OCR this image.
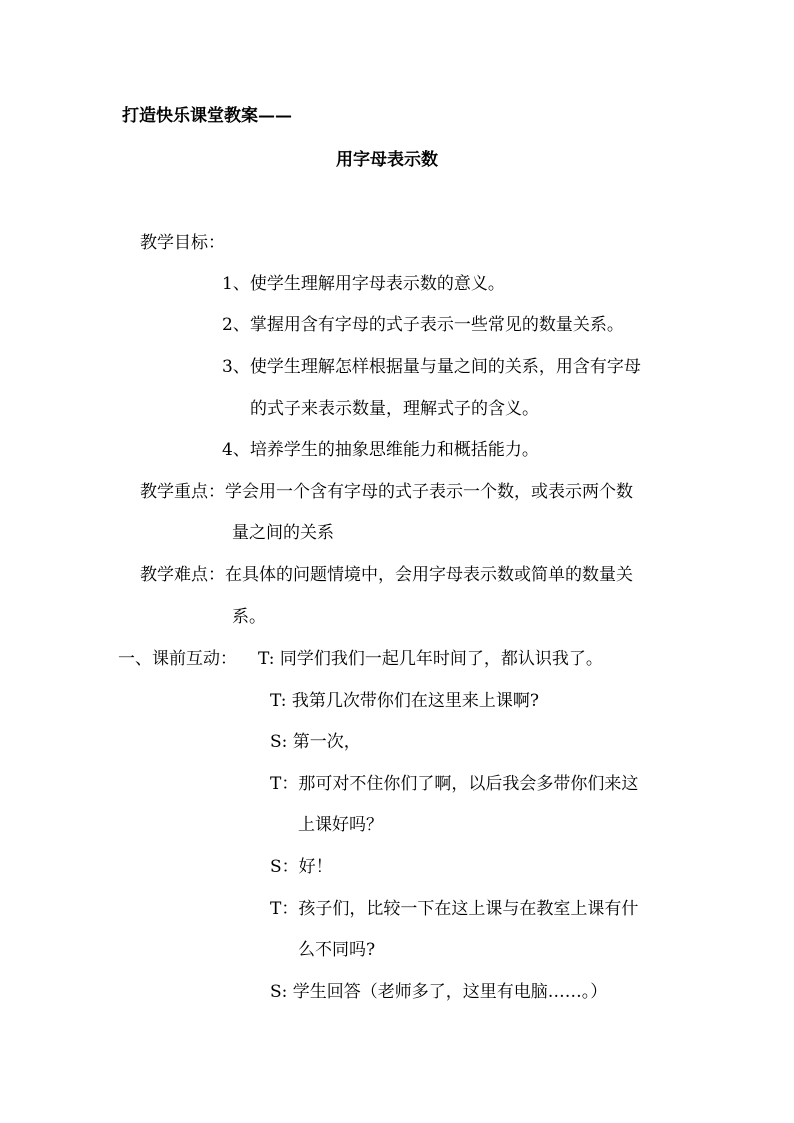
打造快乐课堂教案——
用字母表示数
教学目标：
1、使学生理解用字母表示数的意义。
2、掌握用含有字母的式子表示一些常见的数量关系。
3、使学生理解怎样根据量与量之间的关系，用含有字母
的式子来表示数量，理解式子的含义。
4、培养学生的抽象思维能力和概括能力。
教学重点：学会用一个含有字母的式子表示一个数，或表示两个数
量之间的关系
教学难点：在具体的问题情境中，会用字母表示数或简单的数量关
系。
一、课前互动： T: 同学们我们一起几年时间了，都认识我了。
T: 我第几次带你们在这里来上课啊?
S: 第一次，
T：那可对不住你们了啊，以后我会多带你们来这
上课好吗？
S：好！
T：孩子们，比较一下在这上课与在教室上课有什
么不同吗?
S: 学生回答（老师多了，这里有电脑……。）
